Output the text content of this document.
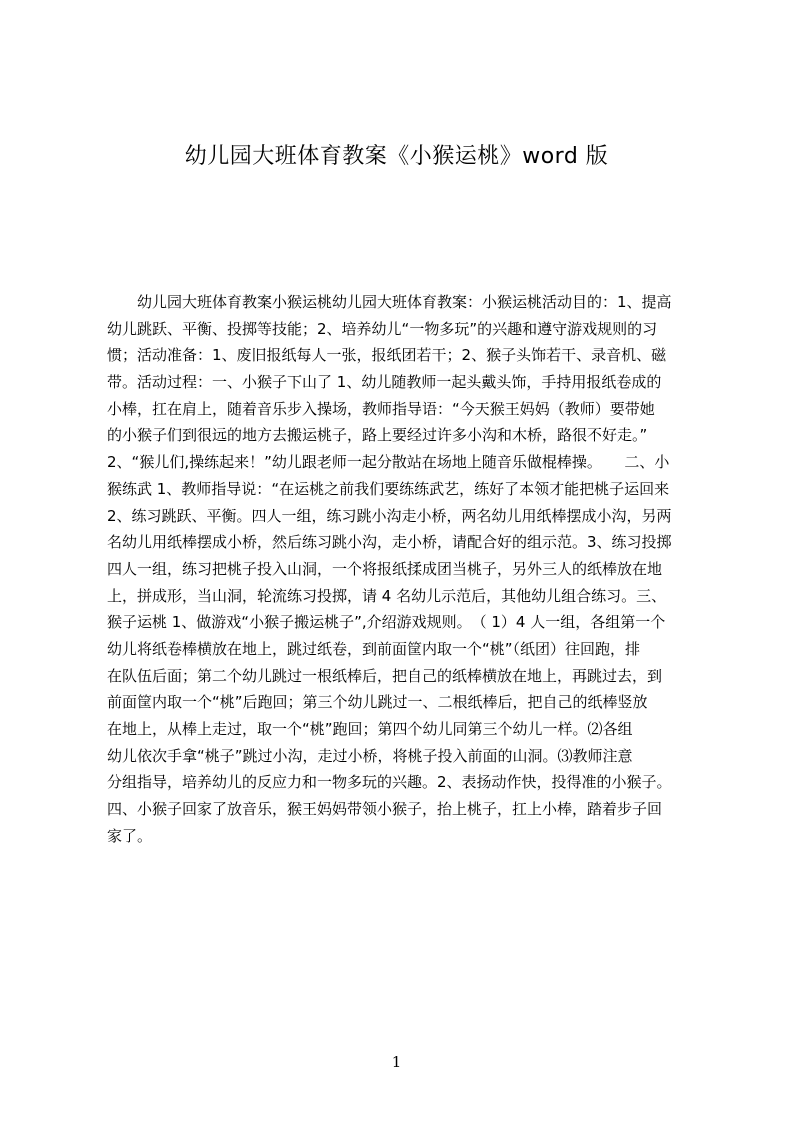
幼儿园大班体育教案《小猴运桃》word 版
　　幼儿园大班体育教案小猴运桃幼儿园大班体育教案：小猴运桃活动目的：1、提高
幼儿跳跃、平衡、投掷等技能；2、培养幼儿“一物多玩”的兴趣和遵守游戏规则的习
惯；活动准备：1、废旧报纸每人一张，报纸团若干；2、猴子头饰若干、录音机、磁
带。活动过程：一、小猴子下山了 1、幼儿随教师一起头戴头饰，手持用报纸卷成的
小棒，扛在肩上，随着音乐步入操场，教师指导语：“今天猴王妈妈（教师）要带她
的小猴子们到很远的地方去搬运桃子，路上要经过许多小沟和木桥，路很不好走。”
2、“猴儿们,操练起来！”幼儿跟老师一起分散站在场地上随音乐做棍棒操。　　二、小
猴练武 1、教师指导说：“在运桃之前我们要练练武艺，练好了本领才能把桃子运回来
2、练习跳跃、平衡。四人一组，练习跳小沟走小桥，两名幼儿用纸棒摆成小沟，另两
名幼儿用纸棒摆成小桥，然后练习跳小沟，走小桥，请配合好的组示范。3、练习投掷
四人一组，练习把桃子投入山洞，一个将报纸揉成团当桃子，另外三人的纸棒放在地
上，拼成形，当山洞，轮流练习投掷，请 4 名幼儿示范后，其他幼儿组合练习。三、
猴子运桃 1、做游戏“小猴子搬运桃子”,介绍游戏规则。　（ 1）4 人一组，各组第一个
幼儿将纸卷棒横放在地上，跳过纸卷，到前面筐内取一个“桃”（纸团）往回跑，排
在队伍后面；第二个幼儿跳过一根纸棒后，把自己的纸棒横放在地上，再跳过去，到
前面筐内取一个“桃”后跑回；第三个幼儿跳过一、二根纸棒后，把自己的纸棒竖放
在地上，从棒上走过，取一个“桃”跑回；第四个幼儿同第三个幼儿一样。⑵各组
幼儿依次手拿“桃子”跳过小沟，走过小桥，将桃子投入前面的山洞。⑶教师注意
分组指导，培养幼儿的反应力和一物多玩的兴趣。2、表扬动作快，投得准的小猴子。
四、小猴子回家了放音乐，猴王妈妈带领小猴子，抬上桃子，扛上小棒，踏着步子回
家了。
1
